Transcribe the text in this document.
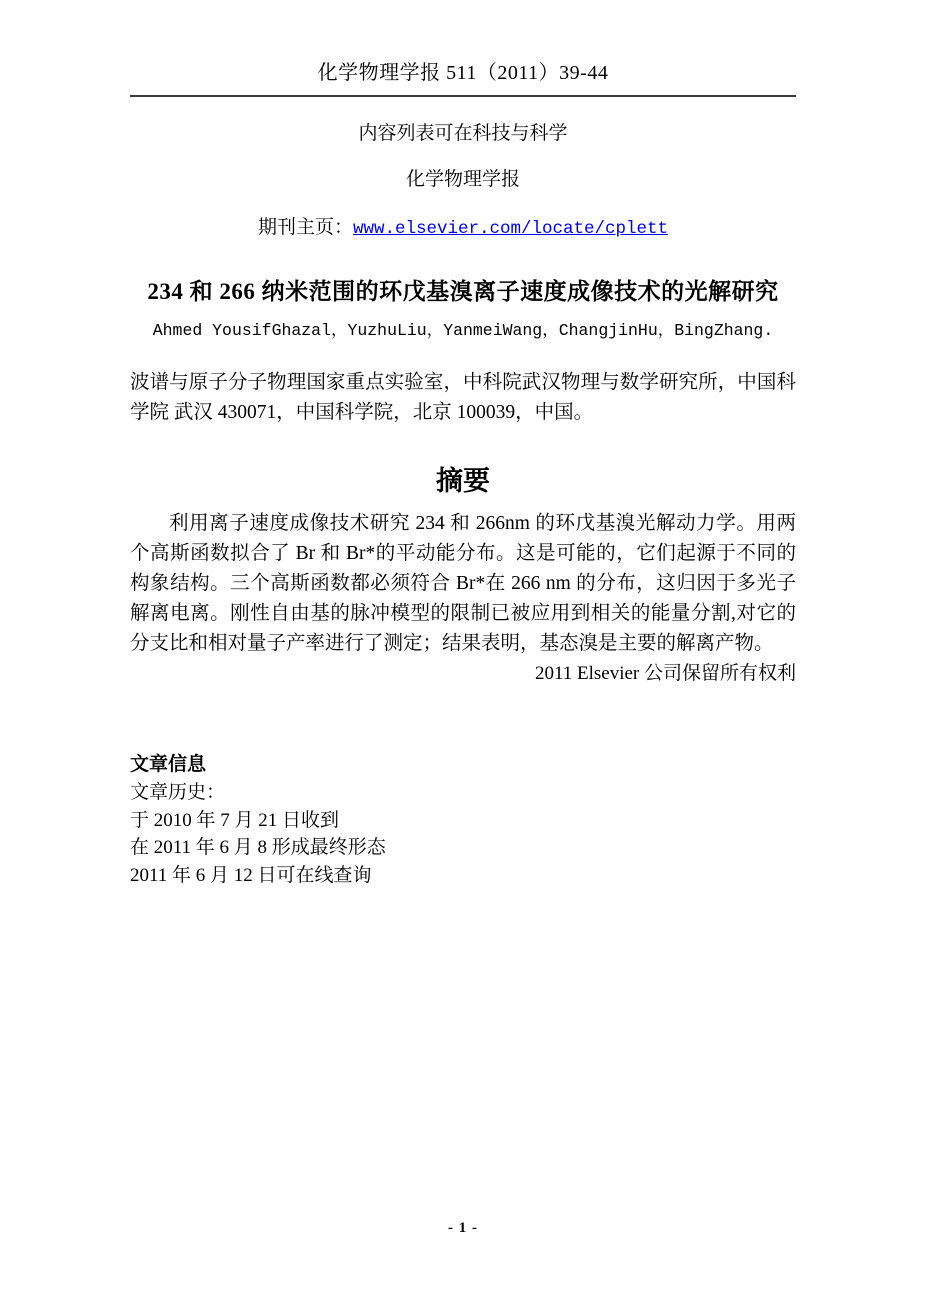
化学物理学报 511（2011）39-44
内容列表可在科技与科学
化学物理学报
期刊主页：www.elsevier.com/locate/cplett
234 和 266 纳米范围的环戊基溴离子速度成像技术的光解研究
Ahmed YousifGhazal，YuzhuLiu，YanmeiWang，ChangjinHu，BingZhang.

波谱与原子分子物理国家重点实验室，中科院武汉物理与数学研究所，中国科学院 武汉 430071，中国科学院，北京 100039，中国。

摘要

利用离子速度成像技术研究 234 和 266nm 的环戊基溴光解动力学。用两个高斯函数拟合了 Br 和 Br*的平动能分布。这是可能的，它们起源于不同的构象结构。三个高斯函数都必须符合 Br*在 266 nm 的分布，这归因于多光子解离电离。刚性自由基的脉冲模型的限制已被应用到相关的能量分割,对它的分支比和相对量子产率进行了测定；结果表明，基态溴是主要的解离产物。

2011 Elsevier 公司保留所有权利
文章信息
文章历史：
于 2010 年 7 月 21 日收到
在 2011 年 6 月 8 形成最终形态
2011 年 6 月 12 日可在线查询
- 1 -
